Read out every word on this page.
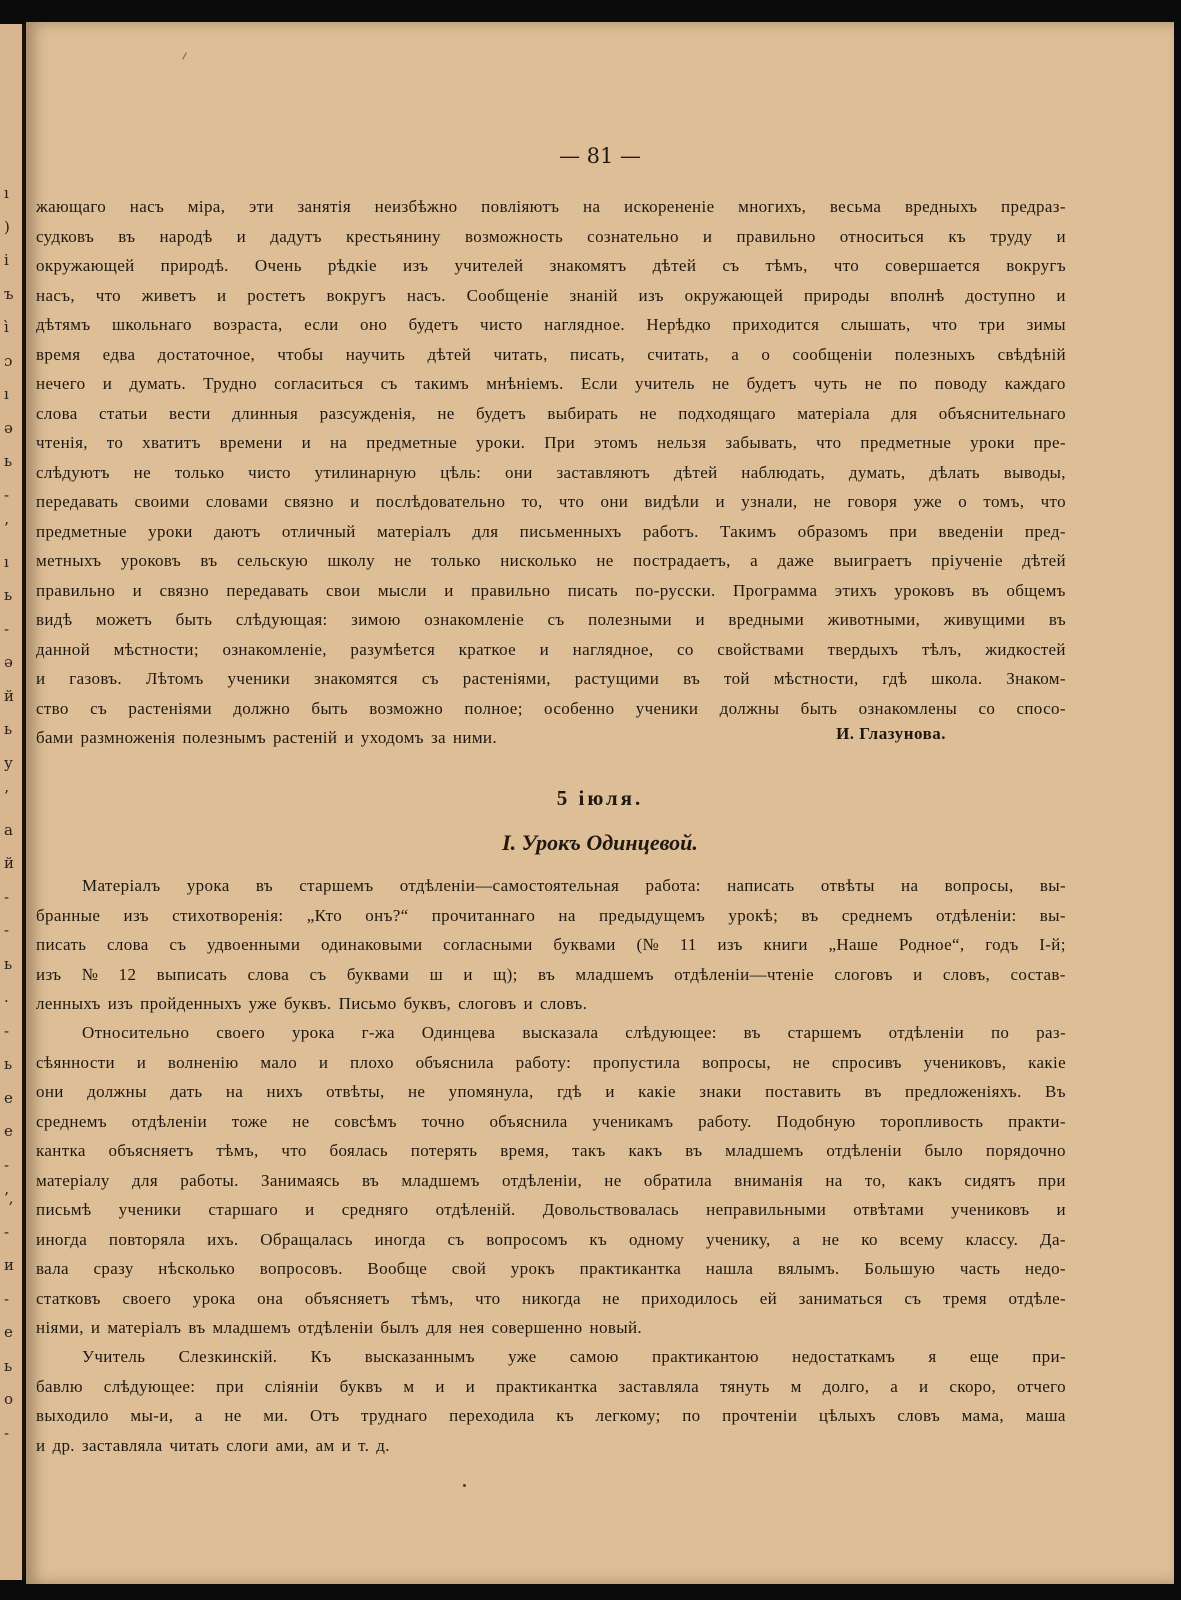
ı
)
і
ъ
ì
ɔ
ı
ə
ь
-
’
ı
ь
-
ə
й
ь
у
’
а
й
-
-
ь
.
-
ь
е
е
-
’,
-
и
-
е
ь
о
-
— 81 —
жающаго насъ міра, эти занятія неизбѣжно повліяютъ на искорененіе многихъ, весьма вредныхъ предраз-
судковъ въ народѣ и дадутъ крестьянину возможность сознательно и правильно относиться къ труду и
окружающей природѣ. Очень рѣдкіе изъ учителей знакомятъ дѣтей съ тѣмъ, что совершается вокругъ
насъ, что живетъ и ростетъ вокругъ насъ. Сообщеніе знаній изъ окружающей природы вполнѣ доступно и
дѣтямъ школьнаго возраста, если оно будетъ чисто наглядное. Нерѣдко приходится слышать, что три зимы
время едва достаточное, чтобы научить дѣтей читать, писать, считать, а о сообщеніи полезныхъ свѣдѣній
нечего и думать. Трудно согласиться съ такимъ мнѣніемъ. Если учитель не будетъ чуть не по поводу каждаго
слова статьи вести длинныя разсужденія, не будетъ выбирать не подходящаго матеріала для объяснительнаго
чтенія, то хватитъ времени и на предметные уроки. При этомъ нельзя забывать, что предметные уроки пре-
слѣдуютъ не только чисто утилинарную цѣль: они заставляютъ дѣтей наблюдать, думать, дѣлать выводы,
передавать своими словами связно и послѣдовательно то, что они видѣли и узнали, не говоря уже о томъ, что
предметные уроки даютъ отличный матеріалъ для письменныхъ работъ. Такимъ образомъ при введеніи пред-
метныхъ уроковъ въ сельскую школу не только нисколько не пострадаетъ, а даже выиграетъ пріученіе дѣтей
правильно и связно передавать свои мысли и правильно писать по-русски. Программа этихъ уроковъ въ общемъ
видѣ можетъ быть слѣдующая: зимою ознакомленіе съ полезными и вредными животными, живущими въ
данной мѣстности; ознакомленіе, разумѣется краткое и наглядное, со свойствами твердыхъ тѣлъ, жидкостей
и газовъ. Лѣтомъ ученики знакомятся съ растеніями, растущими въ той мѣстности, гдѣ школа. Знаком-
ство съ растеніями должно быть возможно полное; особенно ученики должны быть ознакомлены со спосо-
бами размноженія полезнымъ растеній и уходомъ за ними.	И. Глазунова.
5 іюля.
I. Урокъ Одинцевой.
Матеріалъ урока въ старшемъ отдѣленіи—самостоятельная работа: написать отвѣты на вопросы, вы-
бранные изъ стихотворенія: „Кто онъ?“ прочитаннаго на предыдущемъ урокѣ; въ среднемъ отдѣленіи: вы-
писать слова съ удвоенными одинаковыми согласными буквами (№ 11 изъ книги „Наше Родное“, годъ I-й;
изъ № 12 выписать слова съ буквами ш и щ); въ младшемъ отдѣленіи—чтеніе слоговъ и словъ, состав-
ленныхъ изъ пройденныхъ уже буквъ. Письмо буквъ, слоговъ и словъ.
Относительно своего урока г-жа Одинцева высказала слѣдующее: въ старшемъ отдѣленіи по раз-
сѣянности и волненію мало и плохо объяснила работу: пропустила вопросы, не спросивъ учениковъ, какіе
они должны дать на нихъ отвѣты, не упомянула, гдѣ и какіе знаки поставить въ предложеніяхъ. Въ
среднемъ отдѣленіи тоже не совсѣмъ точно объяснила ученикамъ работу. Подобную торопливость практи-
кантка объясняетъ тѣмъ, что боялась потерять время, такъ какъ въ младшемъ отдѣленіи было порядочно
матеріалу для работы. Занимаясь въ младшемъ отдѣленіи, не обратила вниманія на то, какъ сидятъ при
письмѣ ученики старшаго и средняго отдѣленій. Довольствовалась неправильными отвѣтами учениковъ и
иногда повторяла ихъ. Обращалась иногда съ вопросомъ къ одному ученику, а не ко всему классу. Да-
вала сразу нѣсколько вопросовъ. Вообще свой урокъ практикантка нашла вялымъ. Большую часть недо-
статковъ своего урока она объясняетъ тѣмъ, что никогда не приходилось ей заниматься съ тремя отдѣле-
ніями, и матеріалъ въ младшемъ отдѣленіи былъ для нея совершенно новый.
Учитель Слезкинскій. Къ высказаннымъ уже самою практикантою недостаткамъ я еще при-
бавлю слѣдующее: при сліяніи буквъ м и и практикантка заставляла тянуть м долго, а и скоро, отчего
выходило мы-и, а не ми. Отъ труднаго переходила къ легкому; по прочтеніи цѣлыхъ словъ мама, маша
и др. заставляла читать слоги ами, ам и т. д.
